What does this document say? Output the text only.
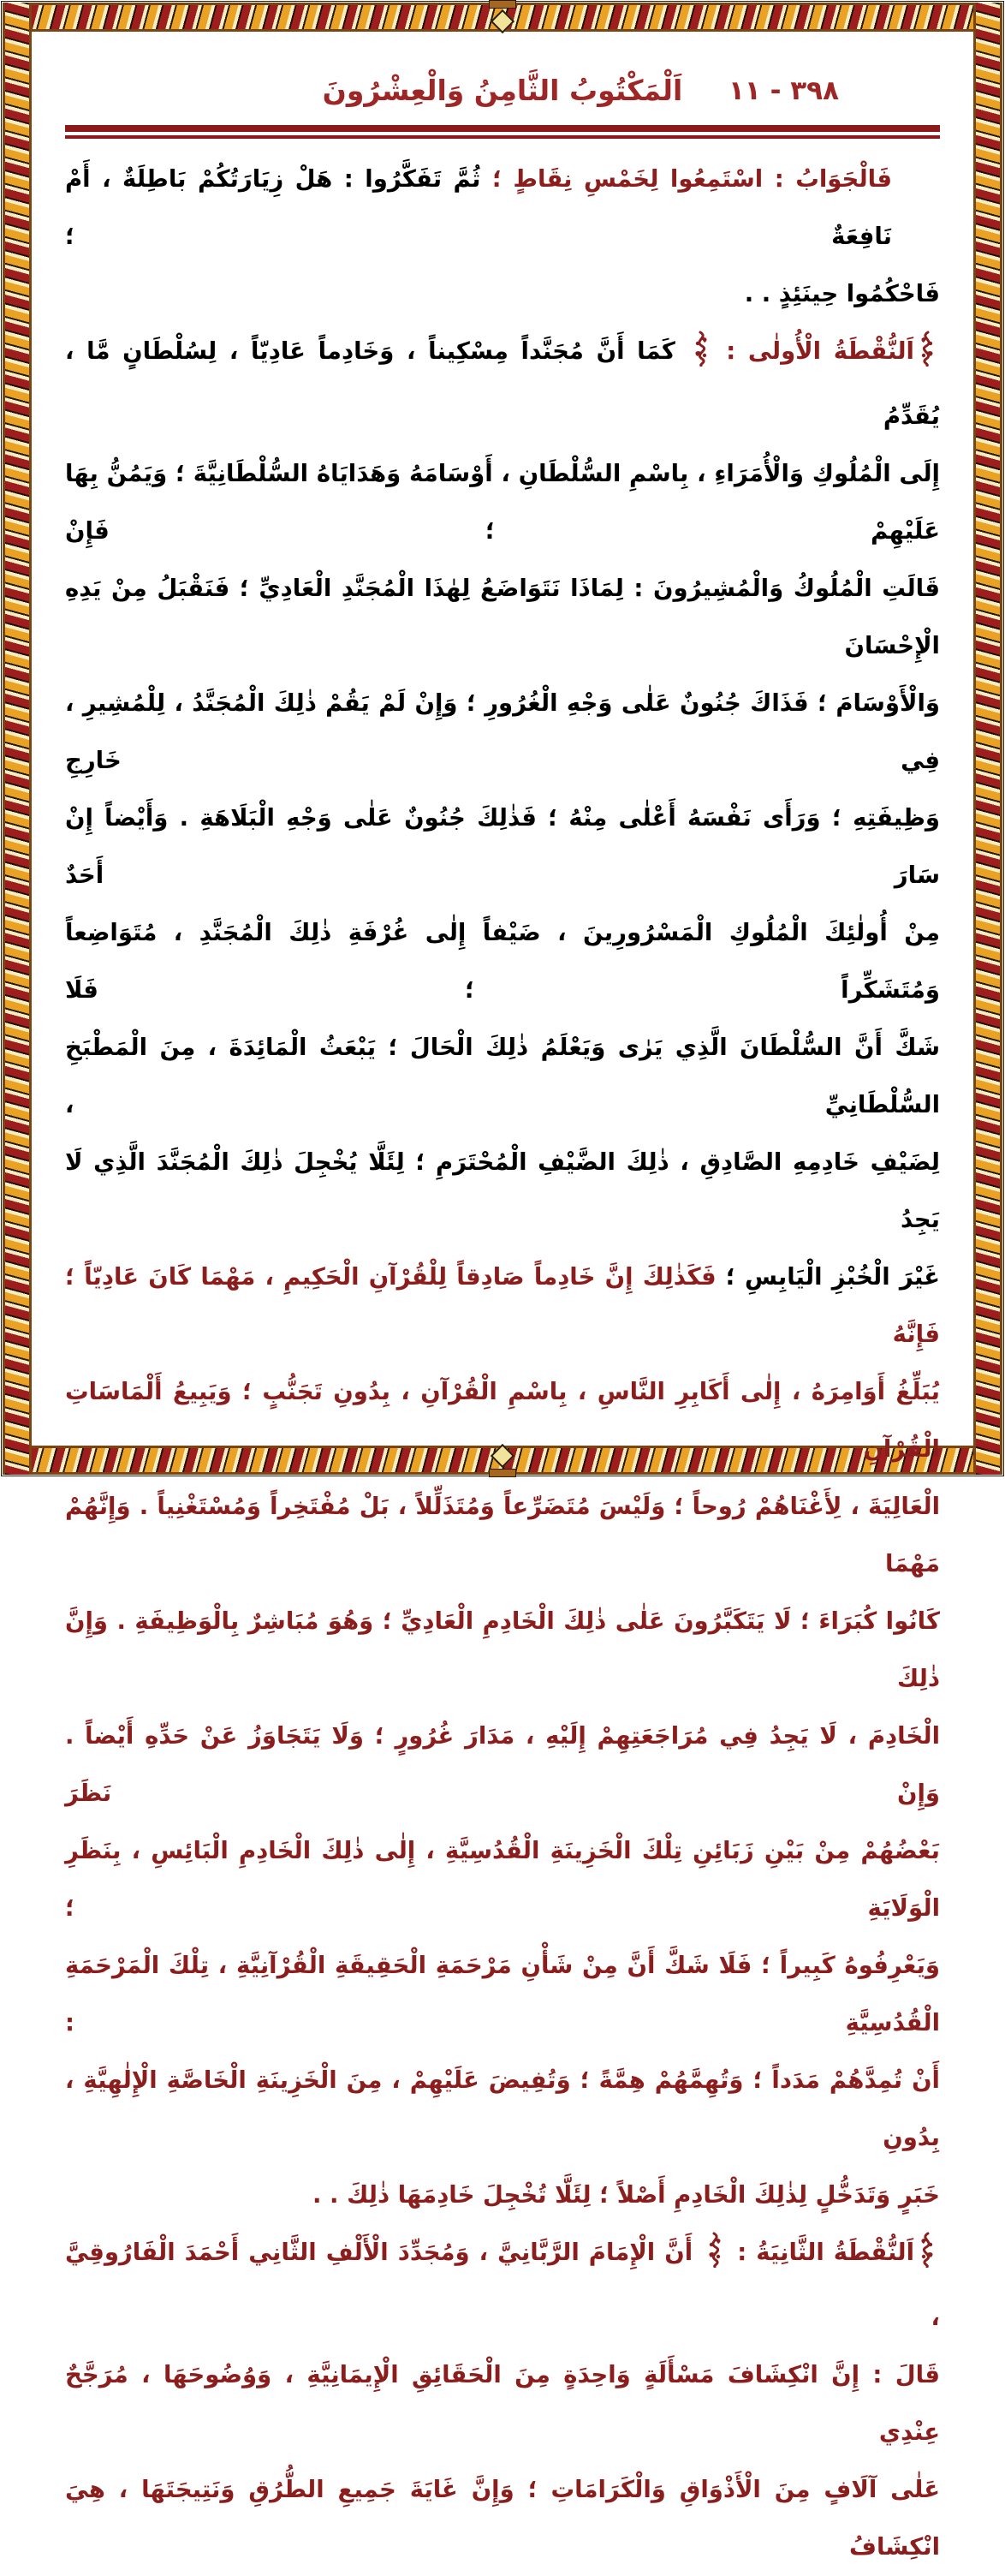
اَلْمَكْتُوبُ الثَّامِنُ وَالْعِشْرُونَ	٣٩٨ - ١١
فَالْجَوَابُ : اسْتَمِعُوا لِخَمْسِ نِقَاطٍ ؛ ثُمَّ تَفَكَّرُوا : هَلْ زِيَارَتُكُمْ بَاطِلَةٌ ، أَمْ نَافِعَةٌ ؛
فَاحْكُمُوا حِينَئِذٍ . .
اَلنُّقْطَةُ الْأُولٰى :  كَمَا أَنَّ مُجَنَّداً مِسْكِيناً ، وَخَادِماً عَادِيّاً ، لِسُلْطَانٍ مَّا ، يُقَدِّمُ
إِلَى الْمُلُوكِ وَالْأُمَرَاءِ ، بِاسْمِ السُّلْطَانِ ، أَوْسَامَهُ وَهَدَايَاهُ السُّلْطَانِيَّةَ ؛ وَيَمُنُّ بِهَا عَلَيْهِمْ ؛ فَإِنْ
قَالَتِ الْمُلُوكُ وَالْمُشِيرُونَ : لِمَاذَا نَتَوَاضَعُ لِهٰذَا الْمُجَنَّدِ الْعَادِيِّ ؛ فَنَقْبَلُ مِنْ يَدِهِ الْإِحْسَانَ
وَالْأَوْسَامَ ؛ فَذَاكَ جُنُونٌ عَلٰى وَجْهِ الْغُرُورِ ؛ وَإِنْ لَمْ يَقُمْ ذٰلِكَ الْمُجَنَّدُ ، لِلْمُشِيرِ ، فِي خَارِجِ
وَظِيفَتِهِ ؛ وَرَأَى نَفْسَهُ أَعْلٰى مِنْهُ ؛ فَذٰلِكَ جُنُونٌ عَلٰى وَجْهِ الْبَلَاهَةِ . وَأَيْضاً إِنْ سَارَ أَحَدٌ
مِنْ أُولٰئِكَ الْمُلُوكِ الْمَسْرُورِينَ ، ضَيْفاً إِلٰى غُرْفَةِ ذٰلِكَ الْمُجَنَّدِ ، مُتَوَاضِعاً وَمُتَشَكِّراً ؛ فَلَا
شَكَّ أَنَّ السُّلْطَانَ الَّذِي يَرٰى وَيَعْلَمُ ذٰلِكَ الْحَالَ ؛ يَبْعَثُ الْمَائِدَةَ ، مِنَ الْمَطْبَخِ السُّلْطَانِيِّ ،
لِضَيْفِ خَادِمِهِ الصَّادِقِ ، ذٰلِكَ الضَّيْفِ الْمُحْتَرَمِ ؛ لِئَلَّا يُخْجِلَ ذٰلِكَ الْمُجَنَّدَ الَّذِي لَا يَجِدُ
غَيْرَ الْخُبْزِ الْيَابِسِ ؛ فَكَذٰلِكَ إِنَّ خَادِماً صَادِقاً لِلْقُرْآنِ الْحَكِيمِ ، مَهْمَا كَانَ عَادِيّاً ؛ فَإِنَّهُ
يُبَلِّغُ أَوَامِرَهُ ، إِلٰى أَكَابِرِ النَّاسِ ، بِاسْمِ الْقُرْآنِ ، بِدُونِ تَجَنُّبٍ ؛ وَيَبِيعُ أَلْمَاسَاتِ الْقُرْآنِ
الْعَالِيَةَ ، لِأَغْنَاهُمْ رُوحاً ؛ وَلَيْسَ مُتَضَرِّعاً وَمُتَذَلِّلاً ، بَلْ مُفْتَخِراً وَمُسْتَغْنِياً . وَإِنَّهُمْ مَهْمَا
كَانُوا كُبَرَاءَ ؛ لَا يَتَكَبَّرُونَ عَلٰى ذٰلِكَ الْخَادِمِ الْعَادِيِّ ؛ وَهُوَ مُبَاشِرٌ بِالْوَظِيفَةِ . وَإِنَّ ذٰلِكَ
الْخَادِمَ ، لَا يَجِدُ فِي مُرَاجَعَتِهِمْ إِلَيْهِ ، مَدَارَ غُرُورٍ ؛ وَلَا يَتَجَاوَزُ عَنْ حَدِّهِ أَيْضاً . وَإِنْ نَظَرَ
بَعْضُهُمْ مِنْ بَيْنِ زَبَائِنِ تِلْكَ الْخَزِينَةِ الْقُدُسِيَّةِ ، إِلٰى ذٰلِكَ الْخَادِمِ الْبَائِسِ ، بِنَظَرِ الْوَلَايَةِ ؛
وَيَعْرِفُوهُ كَبِيراً ؛ فَلَا شَكَّ أَنَّ مِنْ شَأْنِ مَرْحَمَةِ الْحَقِيقَةِ الْقُرْآنِيَّةِ ، تِلْكَ الْمَرْحَمَةِ الْقُدُسِيَّةِ :
أَنْ تُمِدَّهُمْ مَدَداً ؛ وَتُهِمَّهُمْ هِمَّةً ؛ وَتُفِيضَ عَلَيْهِمْ ، مِنَ الْخَزِينَةِ الْخَاصَّةِ الْإِلٰهِيَّةِ ، بِدُونِ
خَبَرٍ وَتَدَخُّلٍ لِذٰلِكَ الْخَادِمِ أَصْلاً ؛ لِئَلَّا تُخْجِلَ خَادِمَهَا ذٰلِكَ . .
اَلنُّقْطَةُ الثَّانِيَةُ :  أَنَّ الْإِمَامَ الرَّبَّانِيَّ ، وَمُجَدِّدَ الْأَلْفِ الثَّانِي أَحْمَدَ الْفَارُوقِيَّ ،
قَالَ : إِنَّ انْكِشَافَ مَسْأَلَةٍ وَاحِدَةٍ مِنَ الْحَقَائِقِ الْإِيمَانِيَّةِ ، وَوُضُوحَهَا ، مُرَجَّحٌ عِنْدِي
عَلٰى آلَافٍ مِنَ الْأَذْوَاقِ وَالْكَرَامَاتِ ؛ وَإِنَّ غَايَةَ جَمِيعِ الطُّرُقِ وَنَتِيجَتَهَا ، هِيَ انْكِشَافُ
